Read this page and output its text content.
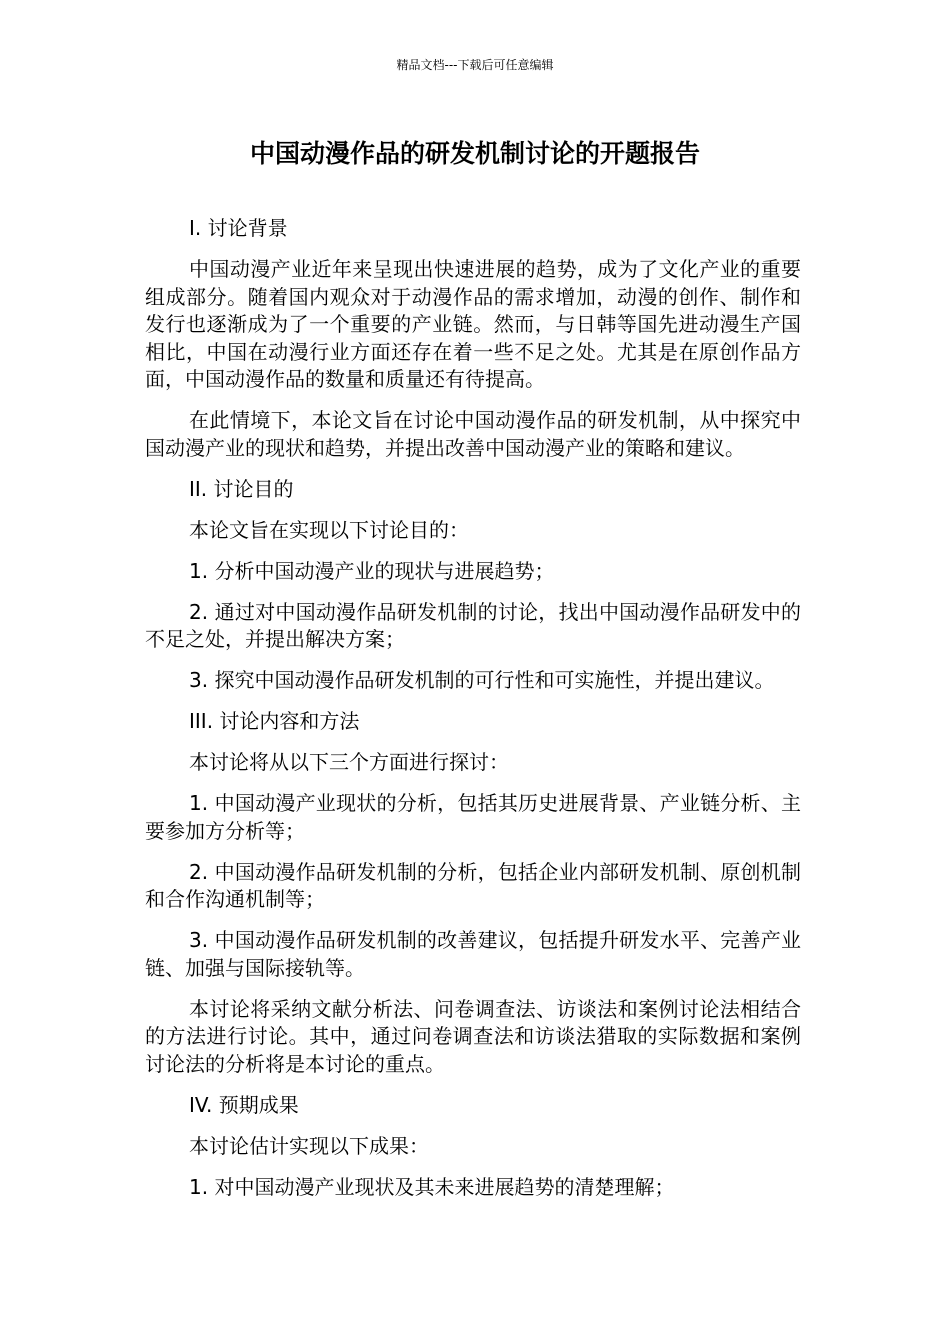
精品文档---下载后可任意编辑
中国动漫作品的研发机制讨论的开题报告

I. 讨论背景

中国动漫产业近年来呈现出快速进展的趋势，成为了文化产业的重要组成部分。随着国内观众对于动漫作品的需求增加，动漫的创作、制作和发行也逐渐成为了一个重要的产业链。然而，与日韩等国先进动漫生产国相比，中国在动漫行业方面还存在着一些不足之处。尤其是在原创作品方面，中国动漫作品的数量和质量还有待提高。

在此情境下，本论文旨在讨论中国动漫作品的研发机制，从中探究中国动漫产业的现状和趋势，并提出改善中国动漫产业的策略和建议。

II. 讨论目的

本论文旨在实现以下讨论目的：

1. 分析中国动漫产业的现状与进展趋势；

2. 通过对中国动漫作品研发机制的讨论，找出中国动漫作品研发中的不足之处，并提出解决方案；

3. 探究中国动漫作品研发机制的可行性和可实施性，并提出建议。

III. 讨论内容和方法

本讨论将从以下三个方面进行探讨：

1. 中国动漫产业现状的分析，包括其历史进展背景、产业链分析、主要参加方分析等；

2. 中国动漫作品研发机制的分析，包括企业内部研发机制、原创机制和合作沟通机制等；

3. 中国动漫作品研发机制的改善建议，包括提升研发水平、完善产业链、加强与国际接轨等。

本讨论将采纳文献分析法、问卷调查法、访谈法和案例讨论法相结合的方法进行讨论。其中，通过问卷调查法和访谈法猎取的实际数据和案例讨论法的分析将是本讨论的重点。

IV. 预期成果

本讨论估计实现以下成果：

1. 对中国动漫产业现状及其未来进展趋势的清楚理解；
